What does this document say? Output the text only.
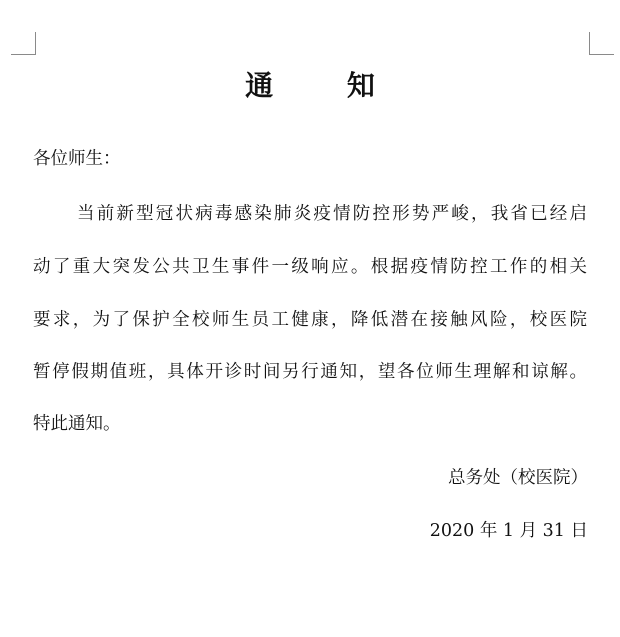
通 知
各位师生：
当前新型冠状病毒感染肺炎疫情防控形势严峻，我省已经启
动了重大突发公共卫生事件一级响应。根据疫情防控工作的相关
要求，为了保护全校师生员工健康，降低潜在接触风险，校医院
暂停假期值班，具体开诊时间另行通知，望各位师生理解和谅解。
特此通知。
总务处（校医院）
2020 年 1 月 31 日
